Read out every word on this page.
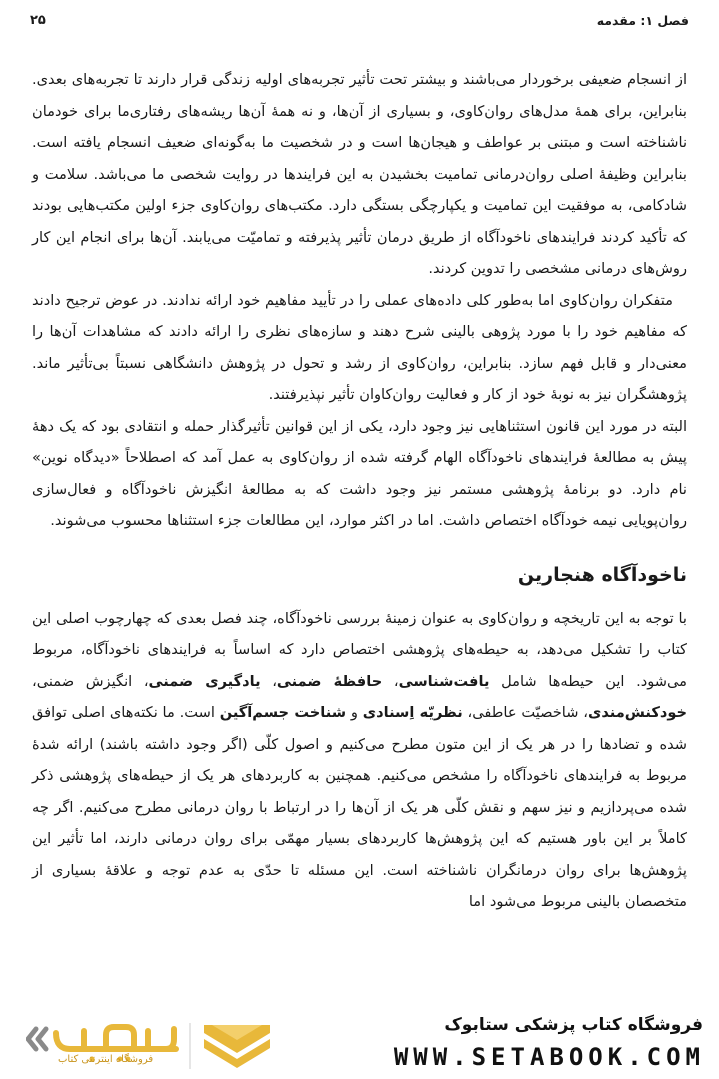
فصل ۱: مقدمه
۲۵

از انسجام ضعیفی برخوردار می‌باشند و بیشتر تحت تأثیر تجربه‌های اولیه زندگی قرار دارند تا تجربه‌های بعدی. بنابراین، برای همهٔ مدل‌های روان‌کاوی، و بسیاری از آن‌ها، و نه همهٔ آن‌ها ریشه‌های رفتاری‌ما برای خودمان ناشناخته است و مبتنی بر عواطف و هیجان‌ها است و در شخصیت ما به‌گونه‌ای ضعیف انسجام یافته است. بنابراین وظیفهٔ اصلی روان‌درمانی تمامیت بخشیدن به این فرایندها در روایت شخصی ما می‌باشد. سلامت و شادکامی، به موفقیت این تمامیت و یکپارچگی بستگی دارد. مکتب‌های روان‌کاوی جزء اولین مکتب‌هایی بودند که تأکید کردند فرایندهای ناخودآگاه از طریق درمان تأثیر پذیرفته و تمامیّت می‌یابند. آن‌ها برای انجام این کار روش‌های درمانی مشخصی را تدوین کردند.

متفکران روان‌کاوی اما به‌طور کلی داده‌های عملی را در تأیید مفاهیم خود ارائه ندادند. در عوض ترجیح دادند که مفاهیم خود را با مورد پژوهی بالینی شرح دهند و سازه‌های نظری را ارائه دادند که مشاهدات آن‌ها را معنی‌دار و قابل فهم سازد. بنابراین، روان‌کاوی از رشد و تحول در پژوهش دانشگاهی نسبتاً بی‌تأثیر ماند. پژوهشگران نیز به نوبهٔ خود از کار و فعالیت روان‌کاوان تأثیر نپذیرفتند.

البته در مورد این قانون استثناهایی نیز وجود دارد، یکی از این قوانین تأثیرگذار حمله و انتقادی بود که یک دههٔ پیش به مطالعهٔ فرایندهای ناخودآگاه الهام گرفته شده از روان‌کاوی به عمل آمد که اصطلاحاً «دیدگاه نوین» نام دارد. دو برنامهٔ پژوهشی مستمر نیز وجود داشت که به مطالعهٔ انگیزش ناخودآگاه و فعال‌سازی روان‌پویایی نیمه خودآگاه اختصاص داشت. اما در اکثر موارد، این مطالعات جزء استثناها محسوب می‌شوند.

ناخودآگاه هنجارین

با توجه به این تاریخچه و روان‌کاوی به عنوان زمینهٔ بررسی ناخودآگاه، چند فصل بعدی که چهارچوب اصلی این کتاب را تشکیل می‌دهد، به حیطه‌های پژوهشی اختصاص دارد که اساساً به فرایندهای ناخودآگاه، مربوط می‌شود. این حیطه‌ها شامل یافت‌شناسی، حافظهٔ ضمنی، یادگیری ضمنی، انگیزش ضمنی، خودکنش‌مندی، شاخصیّت عاطفی، نظریّه اِسنادی و شناخت جسم‌آگین است. ما نکته‌های اصلی توافق شده و تضادها را در هر یک از این متون مطرح می‌کنیم و اصول کلّی (اگر وجود داشته باشند) ارائه شدهٔ مربوط به فرایندهای ناخودآگاه را مشخص می‌کنیم. همچنین به کاربردهای هر یک از حیطه‌های پژوهشی ذکر شده می‌پردازیم و نیز سهم و نقش کلّی هر یک از آن‌ها را در ارتباط با روان درمانی مطرح می‌کنیم. اگر چه کاملاً بر این باور هستیم که این پژوهش‌ها کاربردهای بسیار مهمّی برای روان درمانی دارند، اما تأثیر این پژوهش‌ها برای روان درمانگران ناشناخته است. این مسئله تا حدّی به عدم توجه و علاقهٔ بسیاری از متخصصان بالینی مربوط می‌شود اما

فروشگاه کتاب پزشکی ستابوک
WWW.SETABOOK.COM
فروشگاه اینترنتی کتاب
